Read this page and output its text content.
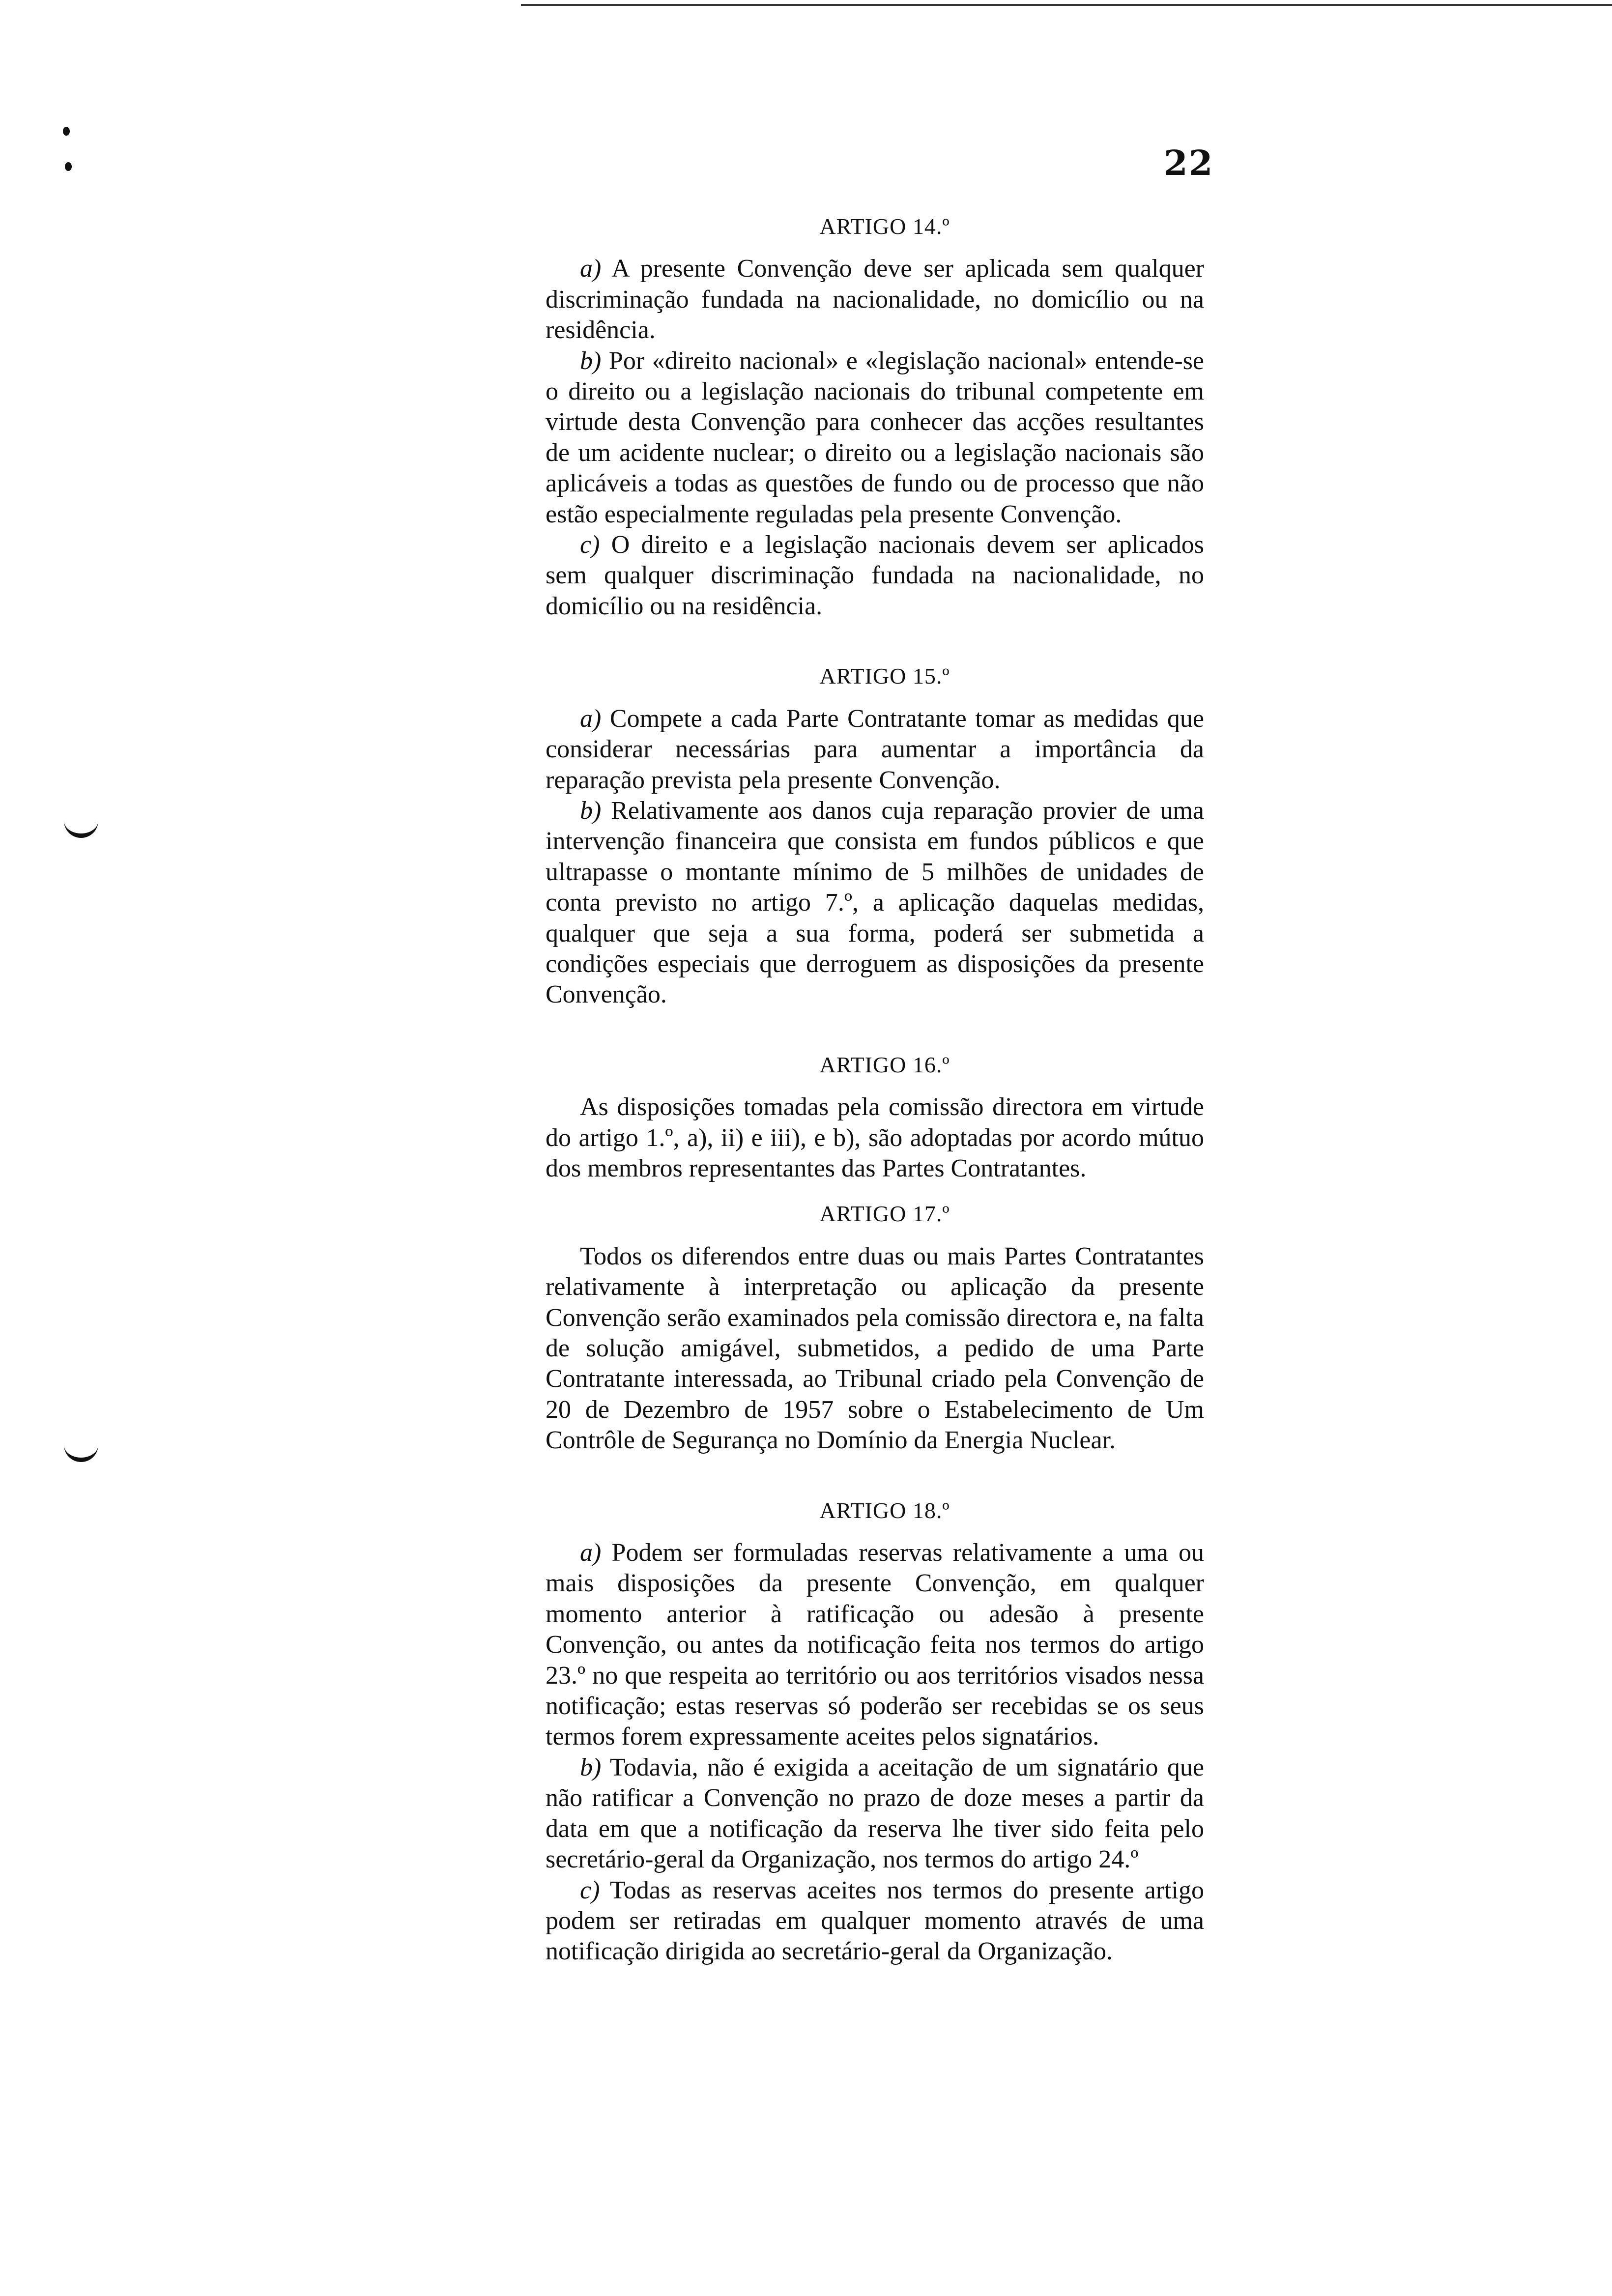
22
ARTIGO 14.º

a) A presente Convenção deve ser aplicada sem qualquer discriminação fundada na nacionalidade, no domicílio ou na residência.

b) Por «direito nacional» e «legislação nacional» entende-se o direito ou a legislação nacionais do tribunal competente em virtude desta Convenção para conhecer das acções resultantes de um acidente nuclear; o direito ou a legislação nacionais são aplicáveis a todas as questões de fundo ou de processo que não estão especialmente reguladas pela presente Convenção.

c) O direito e a legislação nacionais devem ser aplicados sem qualquer discriminação fundada na nacionalidade, no domicílio ou na residência.

ARTIGO 15.º

a) Compete a cada Parte Contratante tomar as medidas que considerar necessárias para aumentar a importância da reparação prevista pela presente Convenção.

b) Relativamente aos danos cuja reparação provier de uma intervenção financeira que consista em fundos públicos e que ultrapasse o montante mínimo de 5 milhões de unidades de conta previsto no artigo 7.º, a aplicação daquelas medidas, qualquer que seja a sua forma, poderá ser submetida a condições especiais que derroguem as disposições da presente Convenção.

ARTIGO 16.º

As disposições tomadas pela comissão directora em virtude do artigo 1.º, a), ii) e iii), e b), são adoptadas por acordo mútuo dos membros representantes das Partes Contratantes.

ARTIGO 17.º

Todos os diferendos entre duas ou mais Partes Contratantes relativamente à interpretação ou aplicação da presente Convenção serão examinados pela comissão directora e, na falta de solução amigável, submetidos, a pedido de uma Parte Contratante interessada, ao Tribunal criado pela Convenção de 20 de Dezembro de 1957 sobre o Estabelecimento de Um Contrôle de Segurança no Domínio da Energia Nuclear.

ARTIGO 18.º

a) Podem ser formuladas reservas relativamente a uma ou mais disposições da presente Convenção, em qualquer momento anterior à ratificação ou adesão à presente Convenção, ou antes da notificação feita nos termos do artigo 23.º no que respeita ao território ou aos territórios visados nessa notificação; estas reservas só poderão ser recebidas se os seus termos forem expressamente aceites pelos signatários.

b) Todavia, não é exigida a aceitação de um signatário que não ratificar a Convenção no prazo de doze meses a partir da data em que a notificação da reserva lhe tiver sido feita pelo secretário-geral da Organização, nos termos do artigo 24.º

c) Todas as reservas aceites nos termos do presente artigo podem ser retiradas em qualquer momento através de uma notificação dirigida ao secretário-geral da Organização.
